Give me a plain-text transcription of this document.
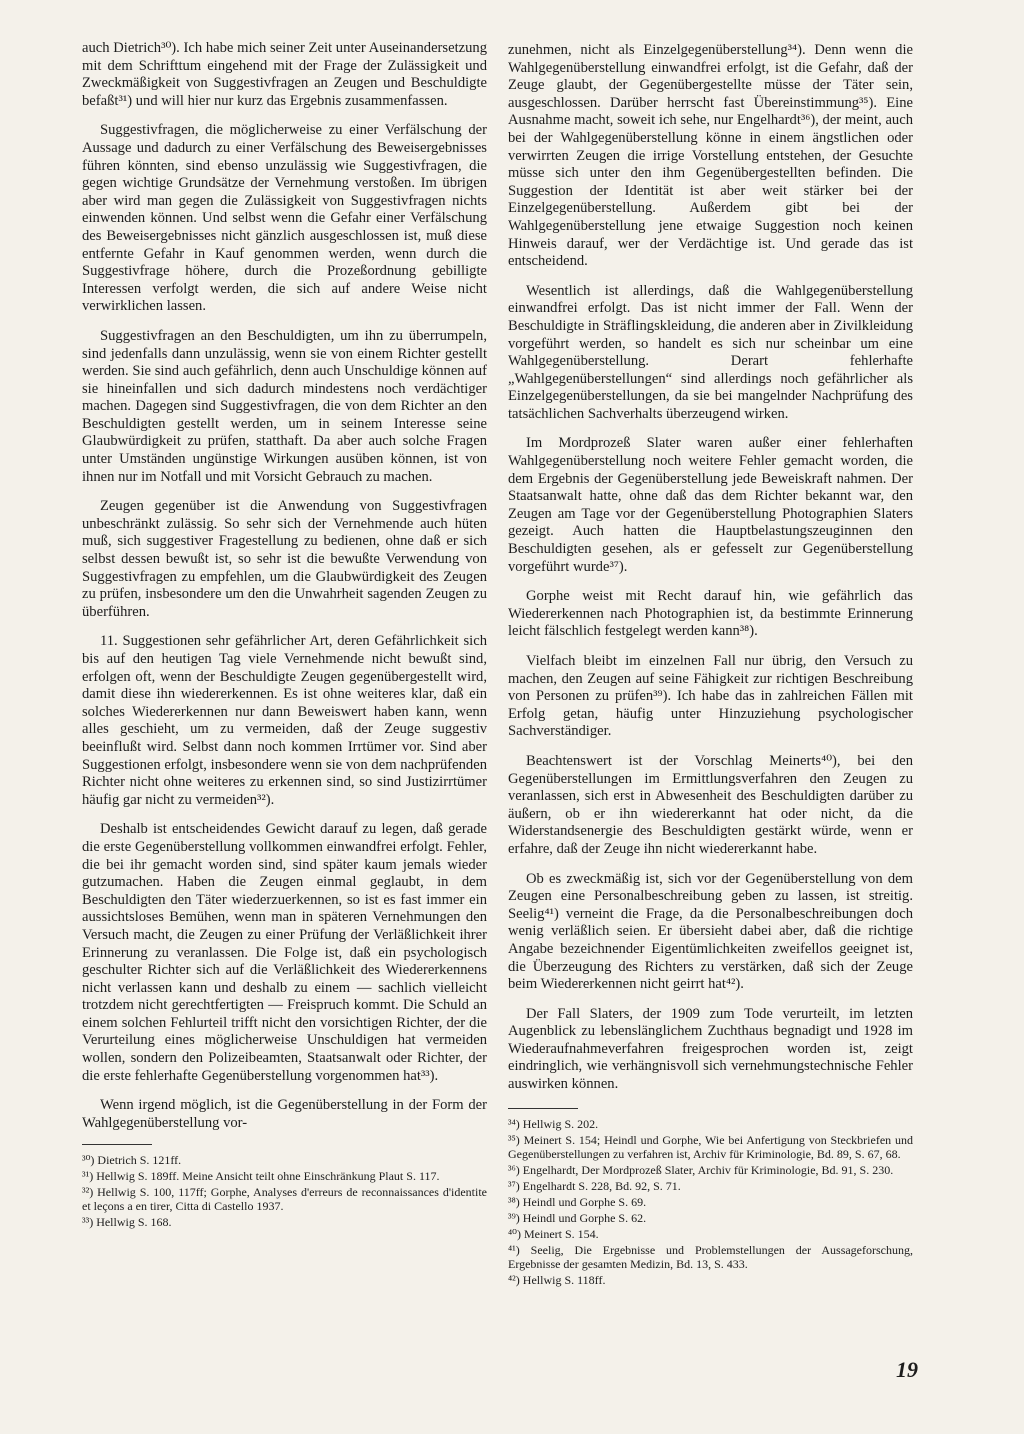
auch Dietrich³⁰). Ich habe mich seiner Zeit unter Auseinandersetzung mit dem Schrifttum eingehend mit der Frage der Zulässigkeit und Zweckmäßigkeit von Suggestivfragen an Zeugen und Beschuldigte befaßt³¹) und will hier nur kurz das Ergebnis zusammenfassen.

Suggestivfragen, die möglicherweise zu einer Verfälschung der Aussage und dadurch zu einer Verfälschung des Beweisergebnisses führen könnten, sind ebenso unzulässig wie Suggestivfragen, die gegen wichtige Grundsätze der Vernehmung verstoßen. Im übrigen aber wird man gegen die Zulässigkeit von Suggestivfragen nichts einwenden können. Und selbst wenn die Gefahr einer Verfälschung des Beweisergebnisses nicht gänzlich ausgeschlossen ist, muß diese entfernte Gefahr in Kauf genommen werden, wenn durch die Suggestivfrage höhere, durch die Prozeßordnung gebilligte Interessen verfolgt werden, die sich auf andere Weise nicht verwirklichen lassen.

Suggestivfragen an den Beschuldigten, um ihn zu überrumpeln, sind jedenfalls dann unzulässig, wenn sie von einem Richter gestellt werden. Sie sind auch gefährlich, denn auch Unschuldige können auf sie hineinfallen und sich dadurch mindestens noch verdächtiger machen. Dagegen sind Suggestivfragen, die von dem Richter an den Beschuldigten gestellt werden, um in seinem Interesse seine Glaubwürdigkeit zu prüfen, statthaft. Da aber auch solche Fragen unter Umständen ungünstige Wirkungen ausüben können, ist von ihnen nur im Notfall und mit Vorsicht Gebrauch zu machen.

Zeugen gegenüber ist die Anwendung von Suggestivfragen unbeschränkt zulässig. So sehr sich der Vernehmende auch hüten muß, sich suggestiver Fragestellung zu bedienen, ohne daß er sich selbst dessen bewußt ist, so sehr ist die bewußte Verwendung von Suggestivfragen zu empfehlen, um die Glaubwürdigkeit des Zeugen zu prüfen, insbesondere um den die Unwahrheit sagenden Zeugen zu überführen.

11. Suggestionen sehr gefährlicher Art, deren Gefährlichkeit sich bis auf den heutigen Tag viele Vernehmende nicht bewußt sind, erfolgen oft, wenn der Beschuldigte Zeugen gegenübergestellt wird, damit diese ihn wiedererkennen. Es ist ohne weiteres klar, daß ein solches Wiedererkennen nur dann Beweiswert haben kann, wenn alles geschieht, um zu vermeiden, daß der Zeuge suggestiv beeinflußt wird. Selbst dann noch kommen Irrtümer vor. Sind aber Suggestionen erfolgt, insbesondere wenn sie von dem nachprüfenden Richter nicht ohne weiteres zu erkennen sind, so sind Justizirrtümer häufig gar nicht zu vermeiden³²).

Deshalb ist entscheidendes Gewicht darauf zu legen, daß gerade die erste Gegenüberstellung vollkommen einwandfrei erfolgt. Fehler, die bei ihr gemacht worden sind, sind später kaum jemals wieder gutzumachen. Haben die Zeugen einmal geglaubt, in dem Beschuldigten den Täter wiederzuerkennen, so ist es fast immer ein aussichtsloses Bemühen, wenn man in späteren Vernehmungen den Versuch macht, die Zeugen zu einer Prüfung der Verläßlichkeit ihrer Erinnerung zu veranlassen. Die Folge ist, daß ein psychologisch geschulter Richter sich auf die Verläßlichkeit des Wiedererkennens nicht verlassen kann und deshalb zu einem — sachlich vielleicht trotzdem nicht gerechtfertigten — Freispruch kommt. Die Schuld an einem solchen Fehlurteil trifft nicht den vorsichtigen Richter, der die Verurteilung eines möglicherweise Unschuldigen hat vermeiden wollen, sondern den Polizeibeamten, Staatsanwalt oder Richter, der die erste fehlerhafte Gegenüberstellung vorgenommen hat³³).

Wenn irgend möglich, ist die Gegenüberstellung in der Form der Wahlgegenüberstellung vor-

³⁰) Dietrich S. 121ff.
³¹) Hellwig S. 189ff. Meine Ansicht teilt ohne Einschränkung Plaut S. 117.
³²) Hellwig S. 100, 117ff; Gorphe, Analyses d'erreurs de reconnaissances d'identite et leçons a en tirer, Citta di Castello 1937.
³³) Hellwig S. 168.

zunehmen, nicht als Einzelgegenüberstellung³⁴). Denn wenn die Wahlgegenüberstellung einwandfrei erfolgt, ist die Gefahr, daß der Zeuge glaubt, der Gegenübergestellte müsse der Täter sein, ausgeschlossen. Darüber herrscht fast Übereinstimmung³⁵). Eine Ausnahme macht, soweit ich sehe, nur Engelhardt³⁶), der meint, auch bei der Wahlgegenüberstellung könne in einem ängstlichen oder verwirrten Zeugen die irrige Vorstellung entstehen, der Gesuchte müsse sich unter den ihm Gegenübergestellten befinden. Die Suggestion der Identität ist aber weit stärker bei der Einzelgegenüberstellung. Außerdem gibt bei der Wahlgegenüberstellung jene etwaige Suggestion noch keinen Hinweis darauf, wer der Verdächtige ist. Und gerade das ist entscheidend.

Wesentlich ist allerdings, daß die Wahlgegenüberstellung einwandfrei erfolgt. Das ist nicht immer der Fall. Wenn der Beschuldigte in Sträflingskleidung, die anderen aber in Zivilkleidung vorgeführt werden, so handelt es sich nur scheinbar um eine Wahlgegenüberstellung. Derart fehlerhafte „Wahlgegenüberstellungen“ sind allerdings noch gefährlicher als Einzelgegenüberstellungen, da sie bei mangelnder Nachprüfung des tatsächlichen Sachverhalts überzeugend wirken.

Im Mordprozeß Slater waren außer einer fehlerhaften Wahlgegenüberstellung noch weitere Fehler gemacht worden, die dem Ergebnis der Gegenüberstellung jede Beweiskraft nahmen. Der Staatsanwalt hatte, ohne daß das dem Richter bekannt war, den Zeugen am Tage vor der Gegenüberstellung Photographien Slaters gezeigt. Auch hatten die Hauptbelastungszeuginnen den Beschuldigten gesehen, als er gefesselt zur Gegenüberstellung vorgeführt wurde³⁷).

Gorphe weist mit Recht darauf hin, wie gefährlich das Wiedererkennen nach Photographien ist, da bestimmte Erinnerung leicht fälschlich festgelegt werden kann³⁸).

Vielfach bleibt im einzelnen Fall nur übrig, den Versuch zu machen, den Zeugen auf seine Fähigkeit zur richtigen Beschreibung von Personen zu prüfen³⁹). Ich habe das in zahlreichen Fällen mit Erfolg getan, häufig unter Hinzuziehung psychologischer Sachverständiger.

Beachtenswert ist der Vorschlag Meinerts⁴⁰), bei den Gegenüberstellungen im Ermittlungsverfahren den Zeugen zu veranlassen, sich erst in Abwesenheit des Beschuldigten darüber zu äußern, ob er ihn wiedererkannt hat oder nicht, da die Widerstandsenergie des Beschuldigten gestärkt würde, wenn er erfahre, daß der Zeuge ihn nicht wiedererkannt habe.

Ob es zweckmäßig ist, sich vor der Gegenüberstellung von dem Zeugen eine Personalbeschreibung geben zu lassen, ist streitig. Seelig⁴¹) verneint die Frage, da die Personalbeschreibungen doch wenig verläßlich seien. Er übersieht dabei aber, daß die richtige Angabe bezeichnender Eigentümlichkeiten zweifellos geeignet ist, die Überzeugung des Richters zu verstärken, daß sich der Zeuge beim Wiedererkennen nicht geirrt hat⁴²).

Der Fall Slaters, der 1909 zum Tode verurteilt, im letzten Augenblick zu lebenslänglichem Zuchthaus begnadigt und 1928 im Wiederaufnahmeverfahren freigesprochen worden ist, zeigt eindringlich, wie verhängnisvoll sich vernehmungstechnische Fehler auswirken können.

³⁴) Hellwig S. 202.
³⁵) Meinert S. 154; Heindl und Gorphe, Wie bei Anfertigung von Steckbriefen und Gegenüberstellungen zu verfahren ist, Archiv für Kriminologie, Bd. 89, S. 67, 68.
³⁶) Engelhardt, Der Mordprozeß Slater, Archiv für Kriminologie, Bd. 91, S. 230.
³⁷) Engelhardt S. 228, Bd. 92, S. 71.
³⁸) Heindl und Gorphe S. 69.
³⁹) Heindl und Gorphe S. 62.
⁴⁰) Meinert S. 154.
⁴¹) Seelig, Die Ergebnisse und Problemstellungen der Aussageforschung, Ergebnisse der gesamten Medizin, Bd. 13, S. 433.
⁴²) Hellwig S. 118ff.
19
